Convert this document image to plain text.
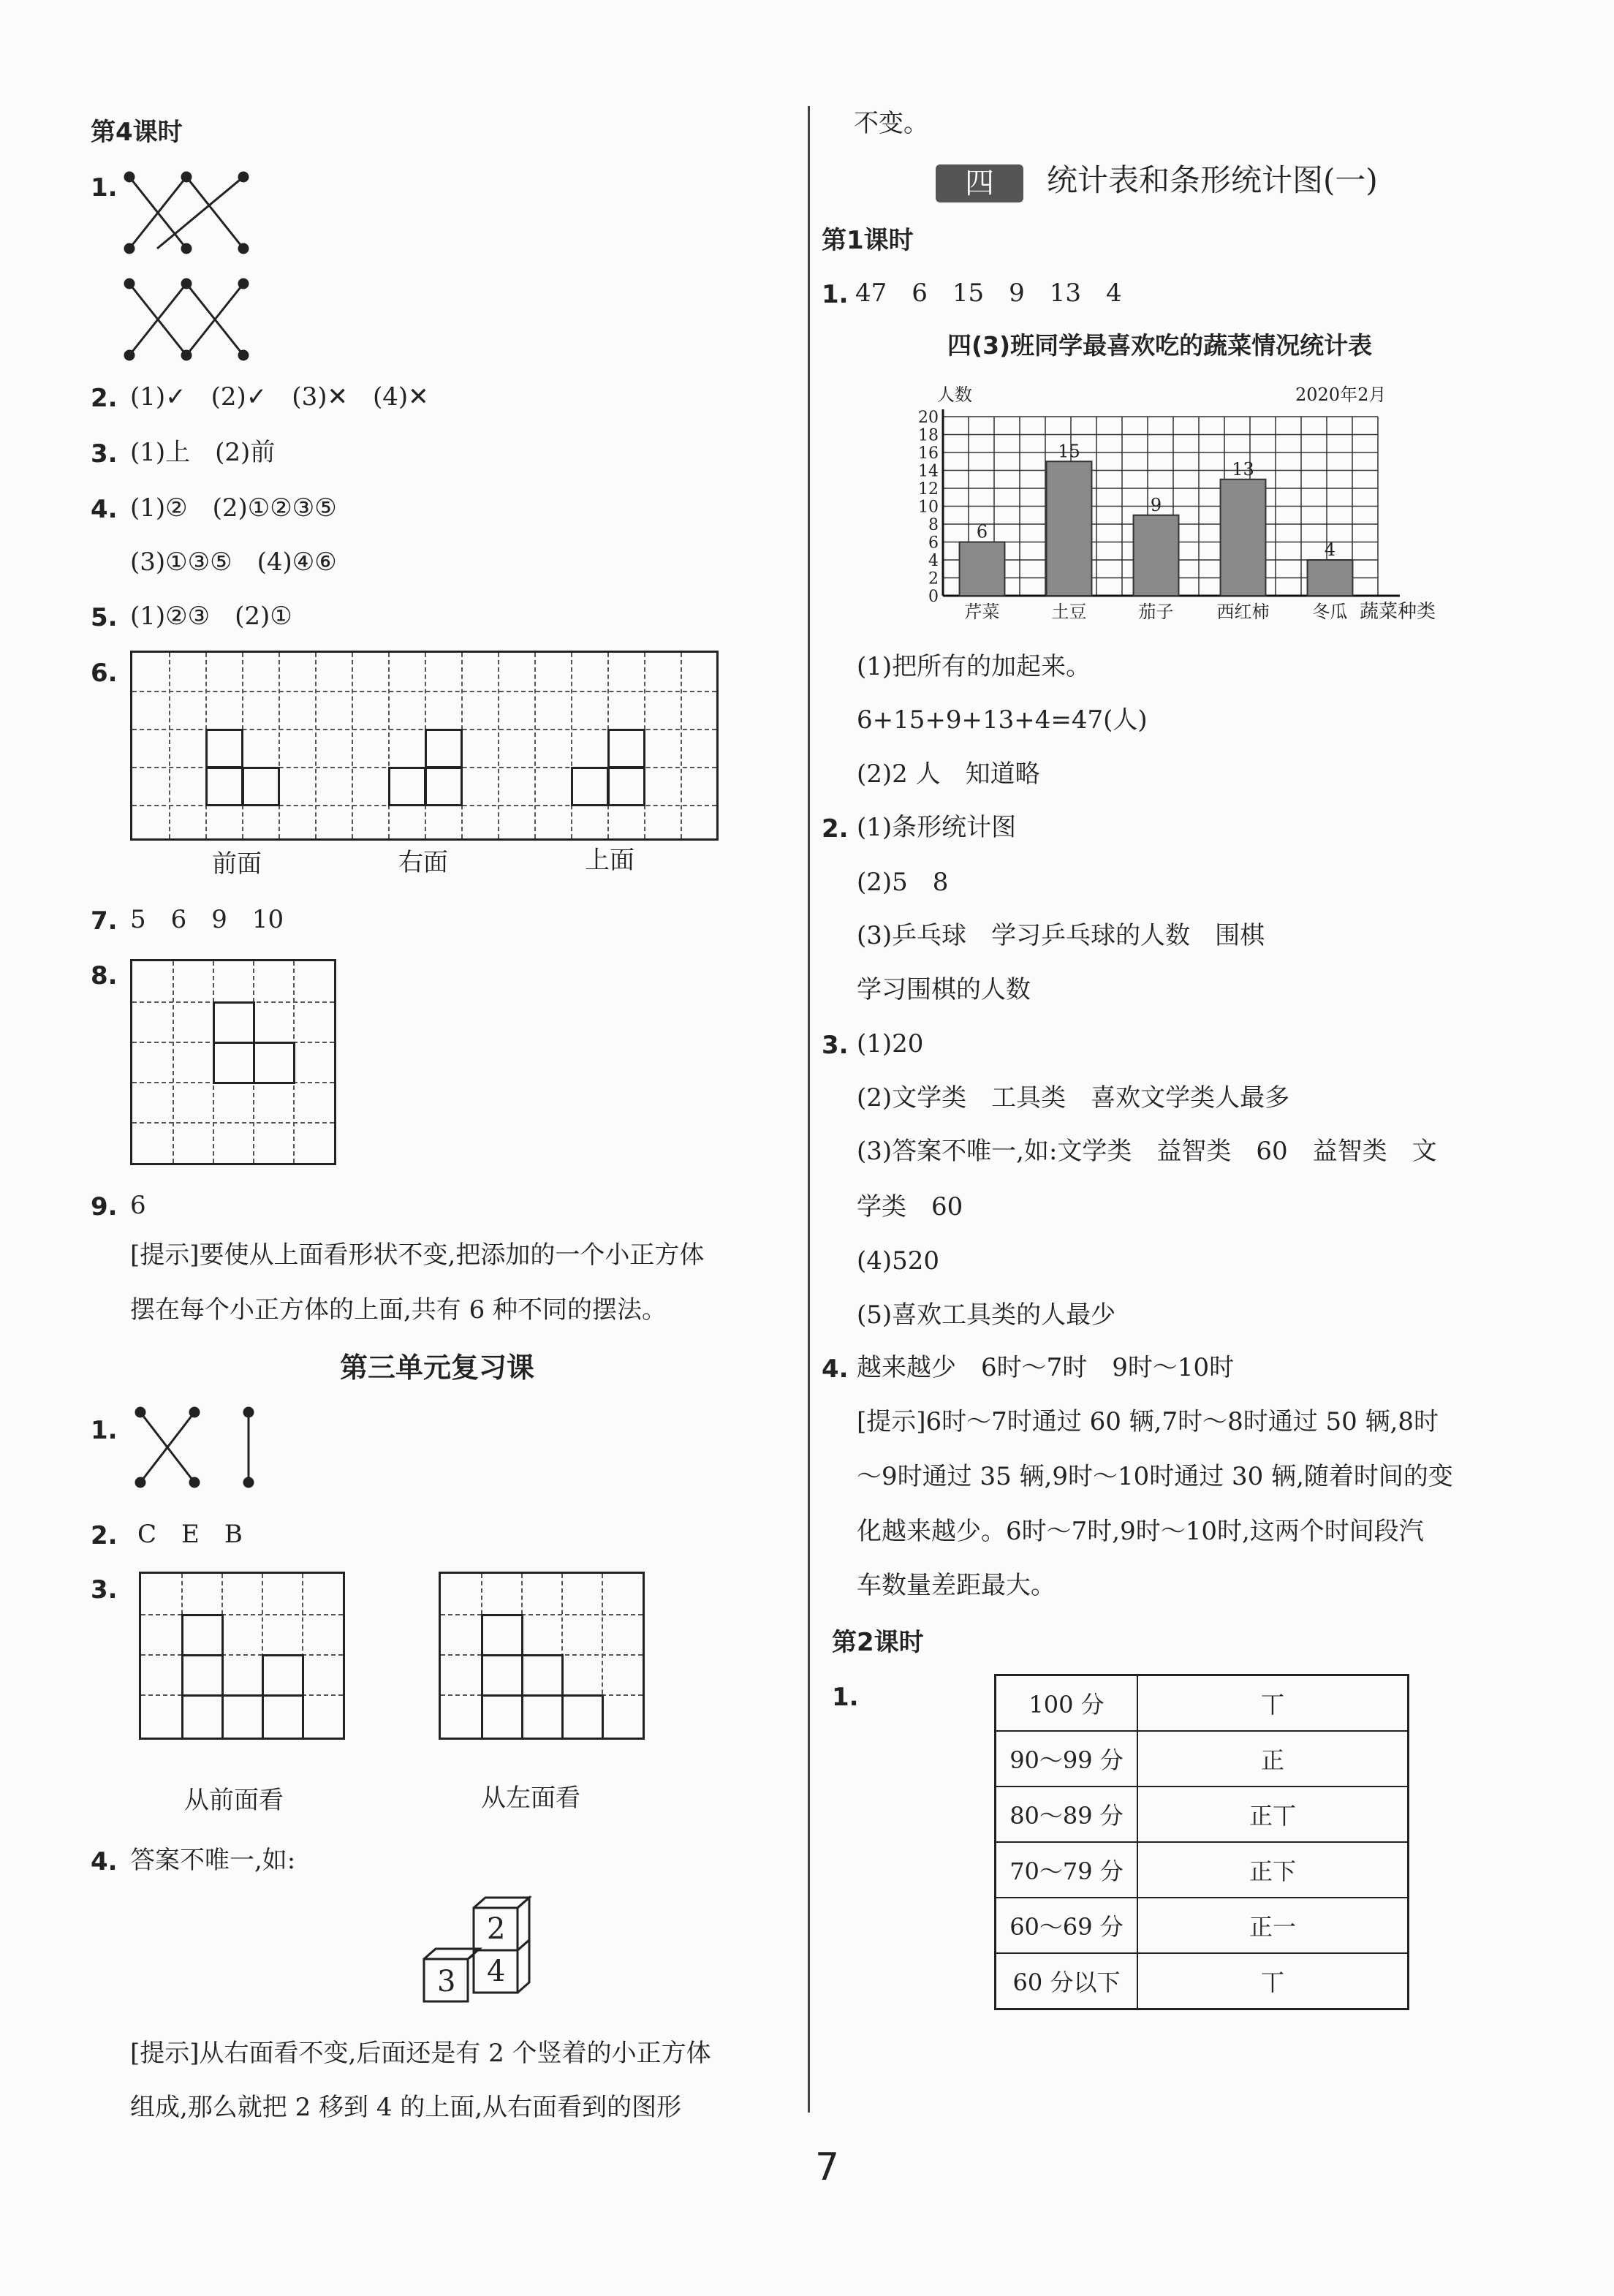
第4课时
1.
2. (1)✓　(2)✓　(3)✕　(4)✕
3. (1)上　(2)前
4. (1)②　(2)①②③⑤
(3)①③⑤　(4)④⑥
5. (1)②③　(2)①
6.
前面	右面	上面
7. 5　6　9　10
8.
9. 6
[提示]要使从上面看形状不变,把添加的一个小正方体
摆在每个小正方体的上面,共有 6 种不同的摆法。
第三单元复习课
1.
2. C　E　B
3.
从前面看	从左面看
4. 答案不唯一,如:
2
3 4
[提示]从右面看不变,后面还是有 2 个竖着的小正方体
组成,那么就把 2 移到 4 的上面,从右面看到的图形
不变。
四	统计表和条形统计图(一)
第1课时
1. 47　6　15　9　13　4
四(3)班同学最喜欢吃的蔬菜情况统计表
人数	2020年2月
蔬菜种类
0
2
4
6
8
10
12
14
16
18
20
6
芹菜
15
土豆
9
茄子
13
西红柿
4
冬瓜
(1)把所有的加起来。
6+15+9+13+4=47(人)
(2)2 人　知道略
2. (1)条形统计图
(2)5　8
(3)乒乓球　学习乒乓球的人数　围棋
学习围棋的人数
3. (1)20
(2)文学类　工具类　喜欢文学类人最多
(3)答案不唯一,如:文学类　益智类　60　益智类　文
学类　60
(4)520
(5)喜欢工具类的人最少
4. 越来越少　6时～7时　9时～10时
[提示]6时～7时通过 60 辆,7时～8时通过 50 辆,8时
～9时通过 35 辆,9时～10时通过 30 辆,随着时间的变
化越来越少。6时～7时,9时～10时,这两个时间段汽
车数量差距最大。
第2课时
1.	100 分	丅
90～99 分	正
80～89 分	正丅
70～79 分	正下
60～69 分	正一
60 分以下	丅
7
